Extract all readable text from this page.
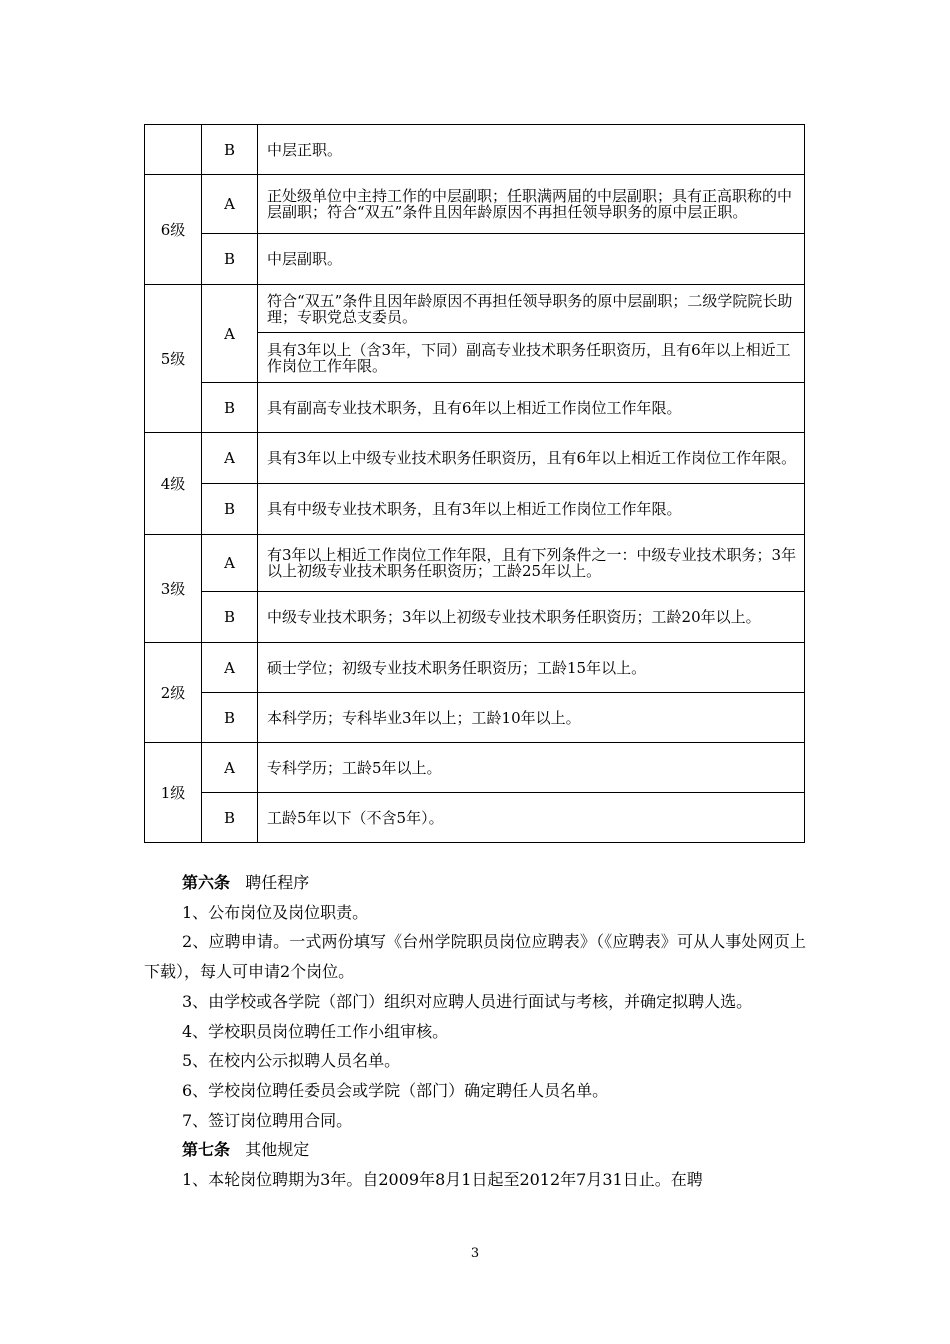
	B	中层正职。
6级	A	正处级单位中主持工作的中层副职；任职满两届的中层副职；具有正高职称的中层副职；符合“双五”条件且因年龄原因不再担任领导职务的原中层正职。
	B	中层副职。
5级	A	符合“双五”条件且因年龄原因不再担任领导职务的原中层副职；二级学院院长助理；专职党总支委员。
		具有3年以上（含3年，下同）副高专业技术职务任职资历，且有6年以上相近工作岗位工作年限。
	B	具有副高专业技术职务，且有6年以上相近工作岗位工作年限。
4级	A	具有3年以上中级专业技术职务任职资历，且有6年以上相近工作岗位工作年限。
	B	具有中级专业技术职务，且有3年以上相近工作岗位工作年限。
3级	A	有3年以上相近工作岗位工作年限，且有下列条件之一：中级专业技术职务；3年以上初级专业技术职务任职资历；工龄25年以上。
	B	中级专业技术职务；3年以上初级专业技术职务任职资历；工龄20年以上。
2级	A	硕士学位；初级专业技术职务任职资历；工龄15年以上。
	B	本科学历；专科毕业3年以上；工龄10年以上。
1级	A	专科学历；工龄5年以上。
	B	工龄5年以下（不含5年）。

第六条 聘任程序

1、公布岗位及岗位职责。

2、应聘申请。一式两份填写《台州学院职员岗位应聘表》（《应聘表》可从人事处网页上下载），每人可申请2个岗位。

3、由学校或各学院（部门）组织对应聘人员进行面试与考核，并确定拟聘人选。

4、学校职员岗位聘任工作小组审核。

5、在校内公示拟聘人员名单。

6、学校岗位聘任委员会或学院（部门）确定聘任人员名单。

7、签订岗位聘用合同。

第七条 其他规定

1、本轮岗位聘期为3年。自2009年8月1日起至2012年7月31日止。在聘

3
